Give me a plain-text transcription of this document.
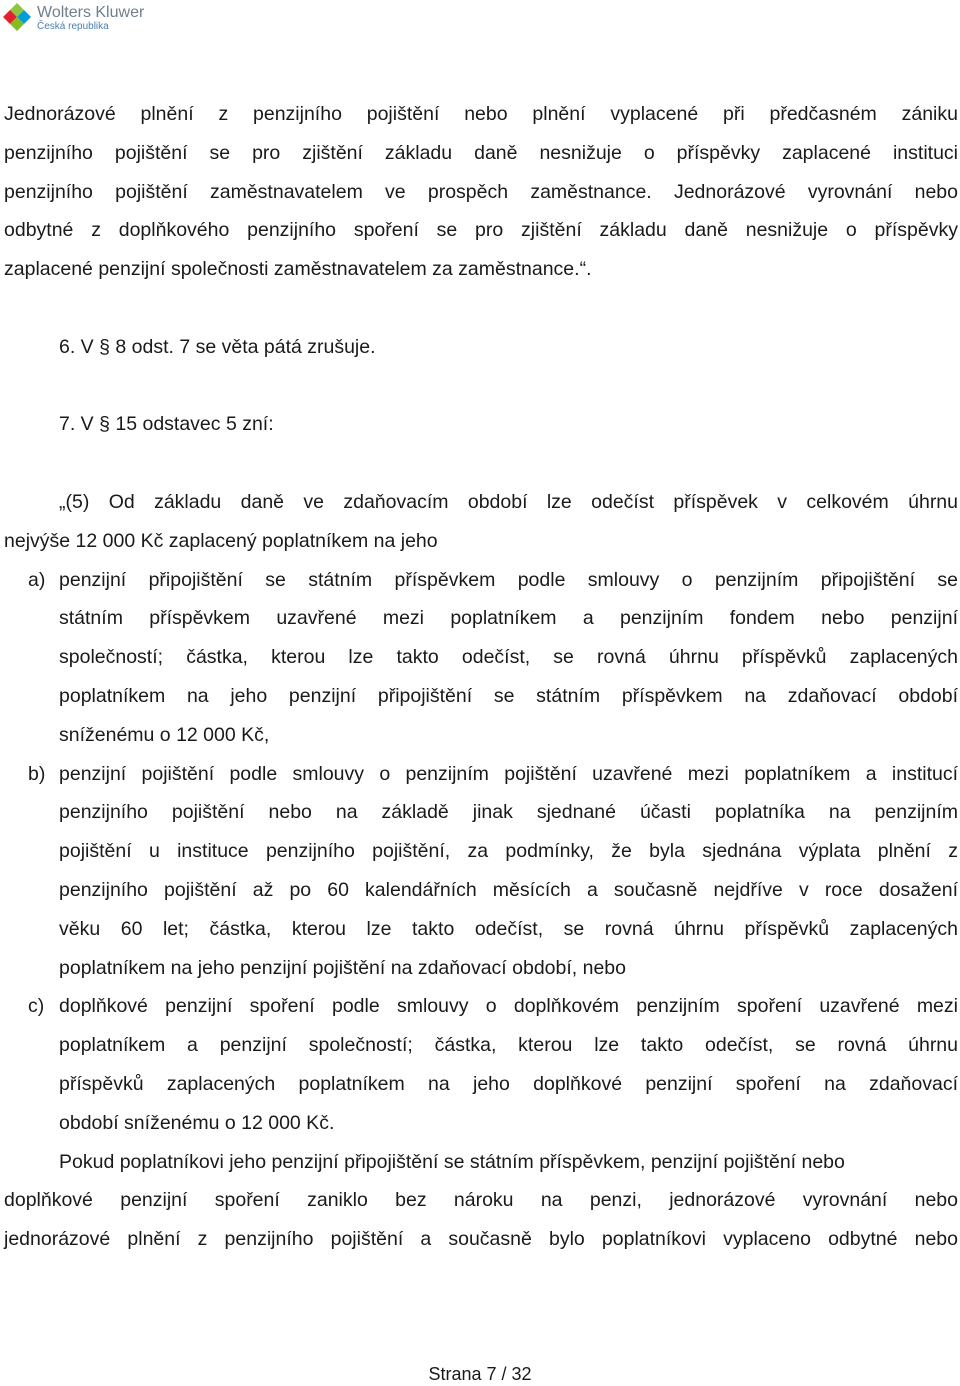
Wolters Kluwer
Česká republika

Jednorázové plnění z penzijního pojištění nebo plnění vyplacené při předčasném zániku

penzijního pojištění se pro zjištění základu daně nesnižuje o příspěvky zaplacené instituci

penzijního pojištění zaměstnavatelem ve prospěch zaměstnance. Jednorázové vyrovnání nebo

odbytné z doplňkového penzijního spoření se pro zjištění základu daně nesnižuje o příspěvky

zaplacené penzijní společnosti zaměstnavatelem za zaměstnance.“.

6. V § 8 odst. 7 se věta pátá zrušuje.

7. V § 15 odstavec 5 zní:

„(5) Od základu daně ve zdaňovacím období lze odečíst příspěvek v celkovém úhrnu

nejvýše 12 000 Kč zaplacený poplatníkem na jeho

a) penzijní připojištění se státním příspěvkem podle smlouvy o penzijním připojištění se

státním příspěvkem uzavřené mezi poplatníkem a penzijním fondem nebo penzijní

společností; částka, kterou lze takto odečíst, se rovná úhrnu příspěvků zaplacených

poplatníkem na jeho penzijní připojištění se státním příspěvkem na zdaňovací období

sníženému o 12 000 Kč,

b) penzijní pojištění podle smlouvy o penzijním pojištění uzavřené mezi poplatníkem a institucí

penzijního pojištění nebo na základě jinak sjednané účasti poplatníka na penzijním

pojištění u instituce penzijního pojištění, za podmínky, že byla sjednána výplata plnění z

penzijního pojištění až po 60 kalendářních měsících a současně nejdříve v roce dosažení

věku 60 let; částka, kterou lze takto odečíst, se rovná úhrnu příspěvků zaplacených

poplatníkem na jeho penzijní pojištění na zdaňovací období, nebo

c) doplňkové penzijní spoření podle smlouvy o doplňkovém penzijním spoření uzavřené mezi

poplatníkem a penzijní společností; částka, kterou lze takto odečíst, se rovná úhrnu

příspěvků zaplacených poplatníkem na jeho doplňkové penzijní spoření na zdaňovací

období sníženému o 12 000 Kč.

Pokud poplatníkovi jeho penzijní připojištění se státním příspěvkem, penzijní pojištění nebo

doplňkové penzijní spoření zaniklo bez nároku na penzi, jednorázové vyrovnání nebo

jednorázové plnění z penzijního pojištění a současně bylo poplatníkovi vyplaceno odbytné nebo

Strana 7 / 32
